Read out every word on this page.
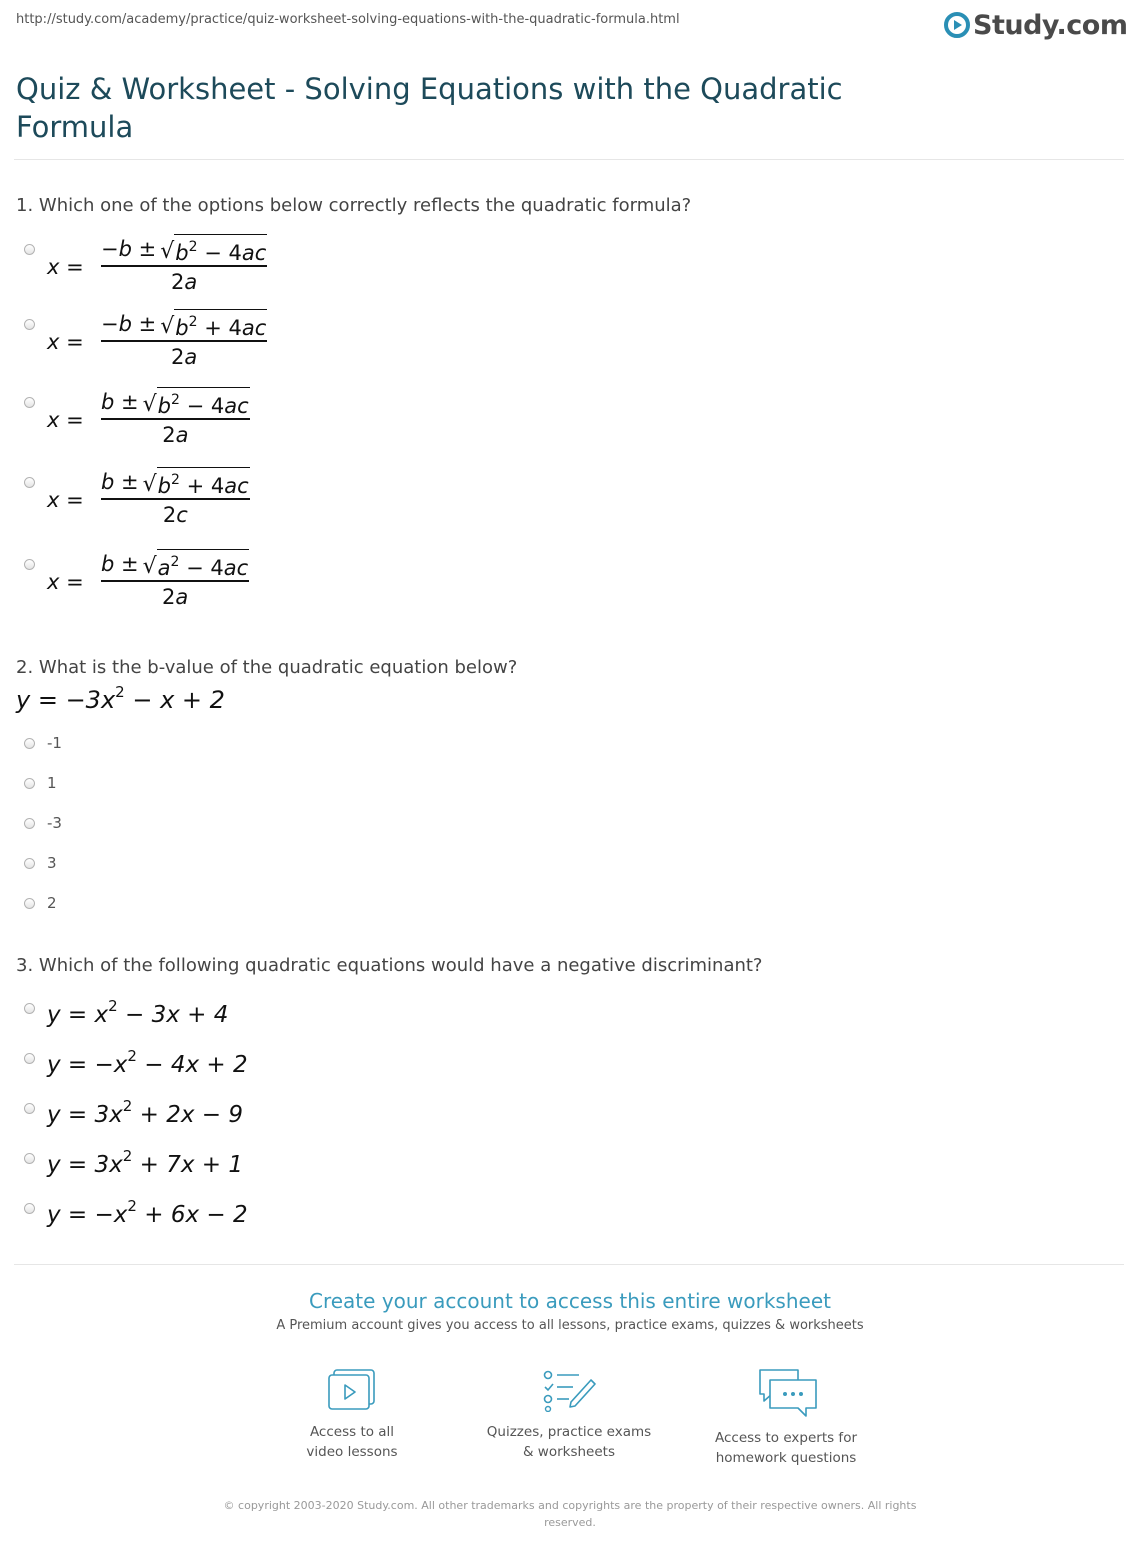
http://study.com/academy/practice/quiz-worksheet-solving-equations-with-the-quadratic-formula.html	Study.com
Quiz & Worksheet - Solving Equations with the Quadratic Formula
1. Which one of the options below correctly reflects the quadratic formula?
x =
−b ± √ $b^2 - 4ac$
2a
x =
−b ± √ $b^2 + 4ac$
2a
x =
b ± √ $b^2 - 4ac$
2a
x =
b ± √ $b^2 + 4ac$
2c
x =
b ± √ $a^2 - 4ac$
2a
2. What is the b-value of the quadratic equation below?
$y = -3x^2 - x + 2$
-1
1
-3
3
2
3. Which of the following quadratic equations would have a negative discriminant?
$y = x^2 - 3x + 4$
$y = -x^2 - 4x + 2$
$y = 3x^2 + 2x - 9$
$y = 3x^2 + 7x + 1$
$y = -x^2 + 6x - 2$
Create your account to access this entire worksheet
A Premium account gives you access to all lessons, practice exams, quizzes & worksheets
Access to all
video lessons
Quizzes, practice exams
& worksheets
Access to experts for
homework questions
© copyright 2003-2020 Study.com. All other trademarks and copyrights are the property of their respective owners. All rights reserved.
